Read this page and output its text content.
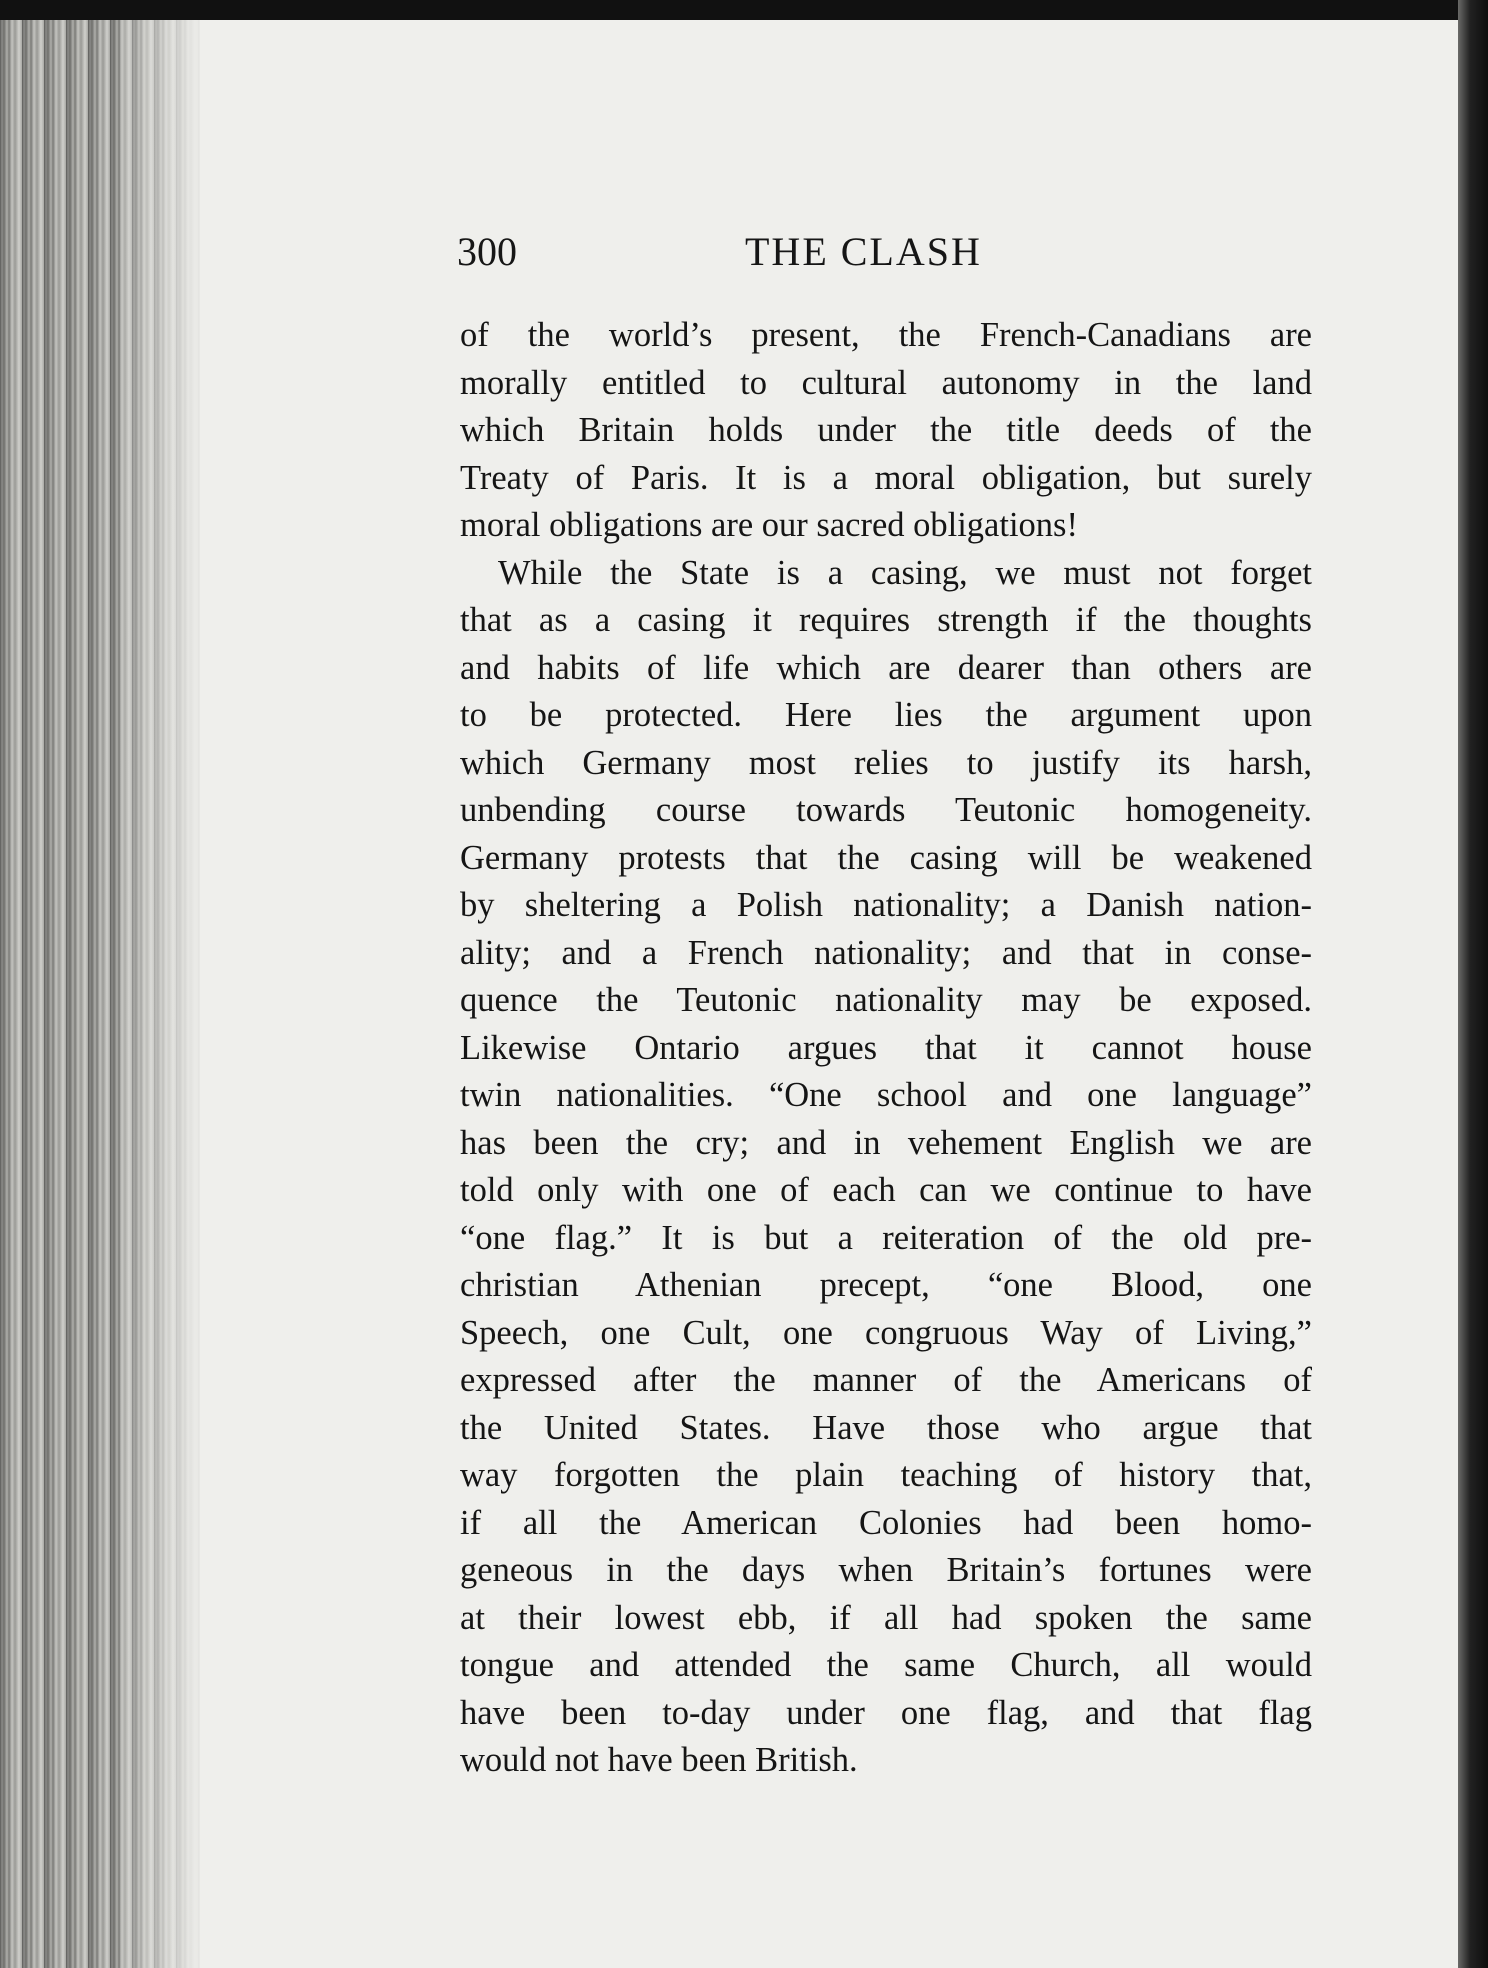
300	THE CLASH
of the world’s present, the French-Canadians are
morally entitled to cultural autonomy in the land
which Britain holds under the title deeds of the
Treaty of Paris. It is a moral obligation, but surely
moral obligations are our sacred obligations!
While the State is a casing, we must not forget
that as a casing it requires strength if the thoughts
and habits of life which are dearer than others are
to be protected. Here lies the argument upon
which Germany most relies to justify its harsh,
unbending course towards Teutonic homogeneity.
Germany protests that the casing will be weakened
by sheltering a Polish nationality; a Danish nation-
ality; and a French nationality; and that in conse-
quence the Teutonic nationality may be exposed.
Likewise Ontario argues that it cannot house
twin nationalities. “One school and one language”
has been the cry; and in vehement English we are
told only with one of each can we continue to have
“one flag.” It is but a reiteration of the old pre-
christian Athenian precept, “one Blood, one
Speech, one Cult, one congruous Way of Living,”
expressed after the manner of the Americans of
the United States. Have those who argue that
way forgotten the plain teaching of history that,
if all the American Colonies had been homo-
geneous in the days when Britain’s fortunes were
at their lowest ebb, if all had spoken the same
tongue and attended the same Church, all would
have been to-day under one flag, and that flag
would not have been British.
